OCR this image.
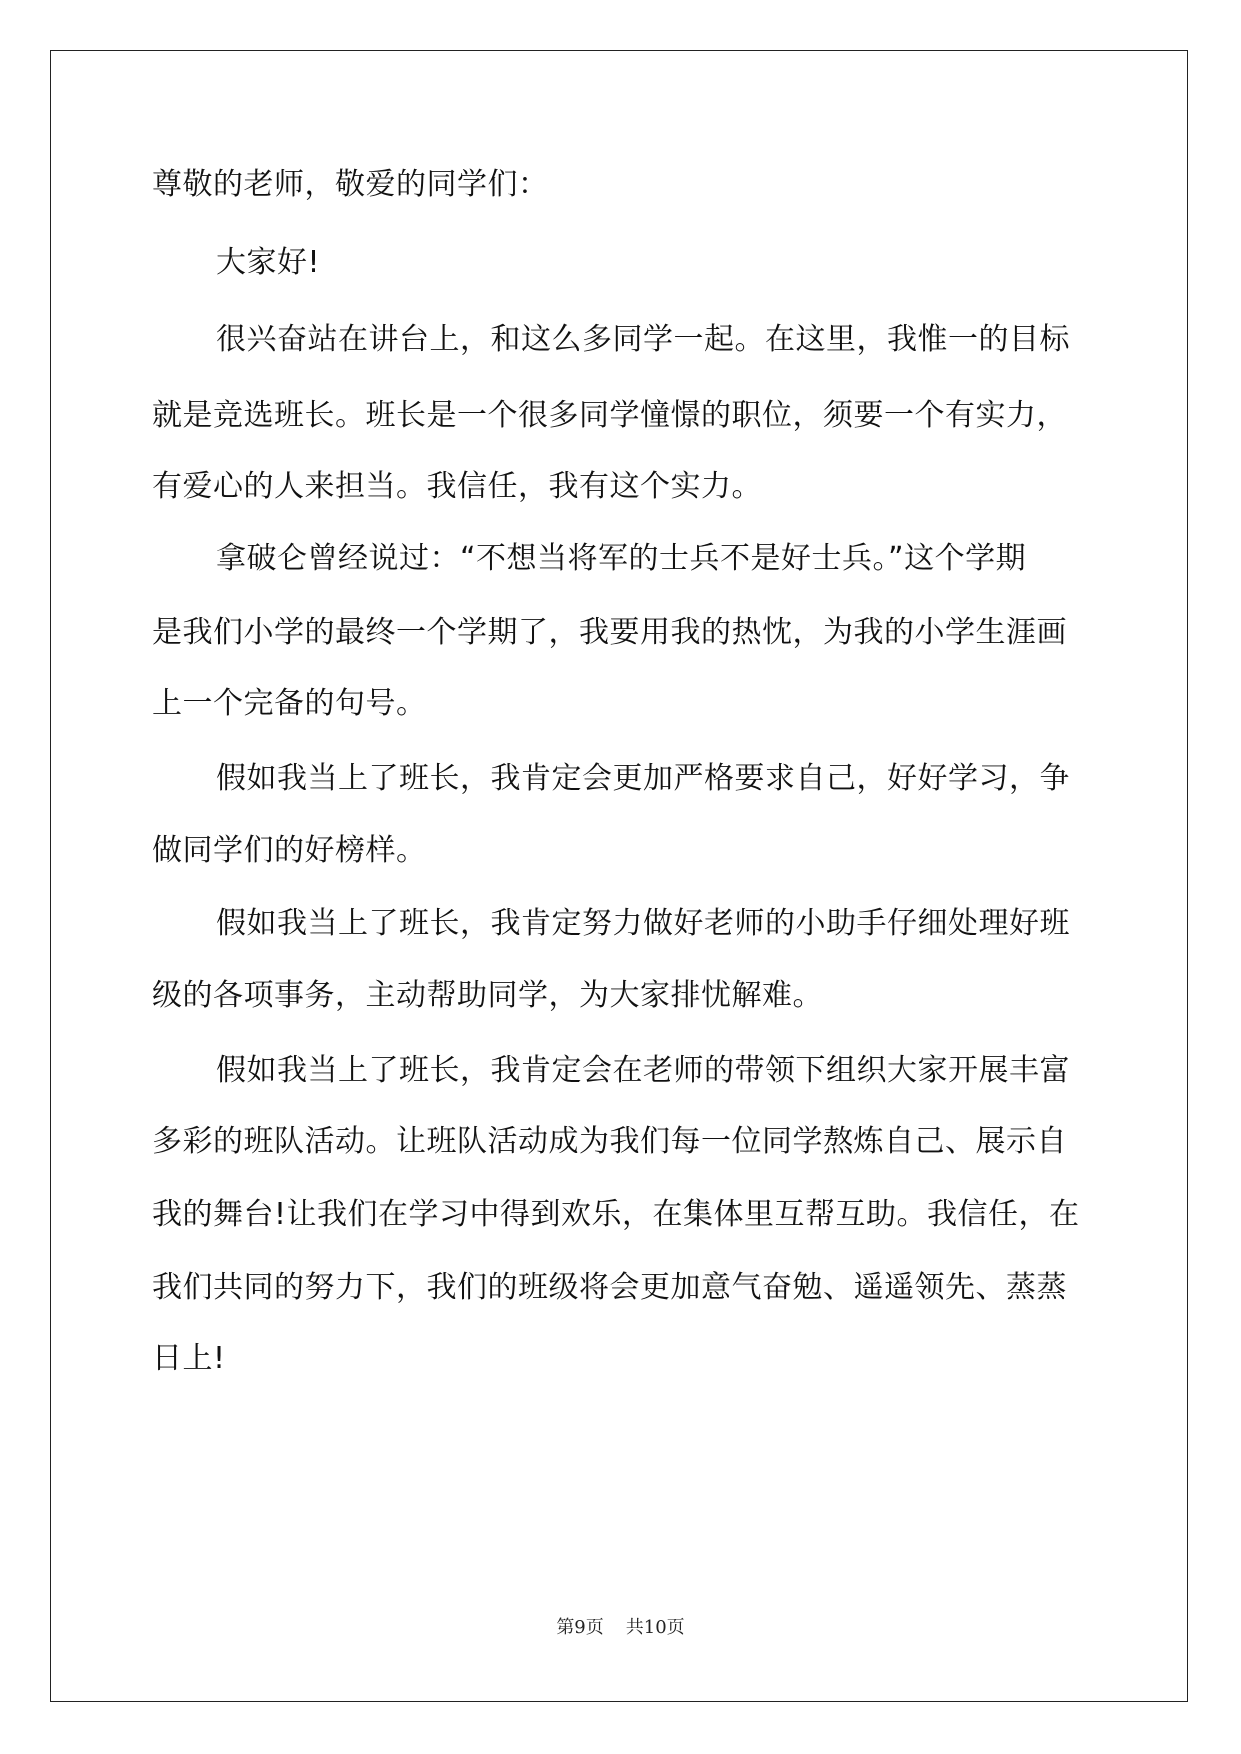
尊敬的老师，敬爱的同学们：
大家好!
很兴奋站在讲台上，和这么多同学一起。在这里，我惟一的目标
就是竞选班长。班长是一个很多同学憧憬的职位，须要一个有实力，
有爱心的人来担当。我信任，我有这个实力。
拿破仑曾经说过：“不想当将军的士兵不是好士兵。”这个学期
是我们小学的最终一个学期了，我要用我的热忱，为我的小学生涯画
上一个完备的句号。
假如我当上了班长，我肯定会更加严格要求自己，好好学习，争
做同学们的好榜样。
假如我当上了班长，我肯定努力做好老师的小助手仔细处理好班
级的各项事务，主动帮助同学，为大家排忧解难。
假如我当上了班长，我肯定会在老师的带领下组织大家开展丰富
多彩的班队活动。让班队活动成为我们每一位同学熬炼自己、展示自
我的舞台!让我们在学习中得到欢乐，在集体里互帮互助。我信任，在
我们共同的努力下，我们的班级将会更加意气奋勉、遥遥领先、蒸蒸
日上!
第9页 共10页
